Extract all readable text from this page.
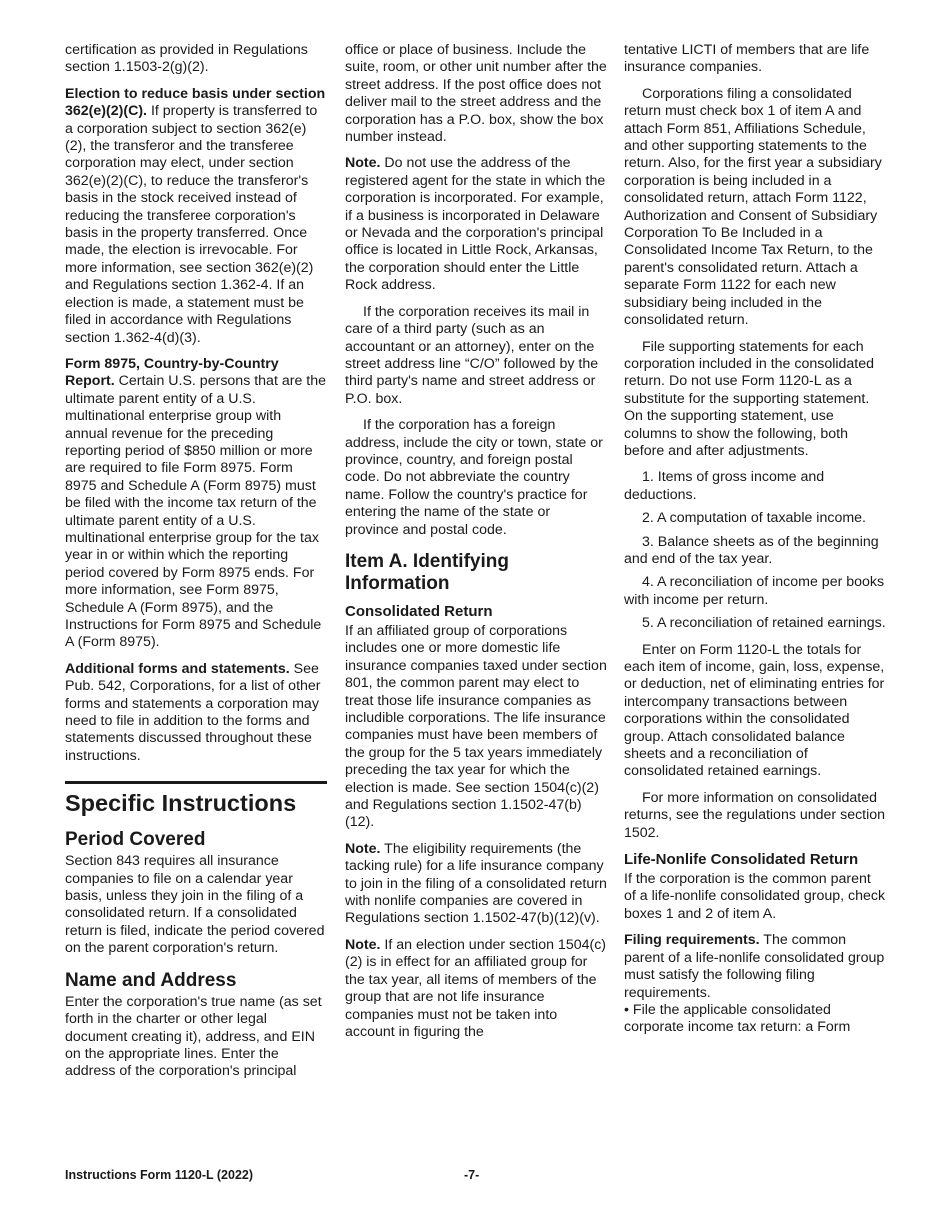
certification as provided in Regulations section 1.1503-2(g)(2).

Election to reduce basis under section 362(e)(2)(C). If property is transferred to a corporation subject to section 362(e)(2), the transferor and the transferee corporation may elect, under section 362(e)(2)(C), to reduce the transferor's basis in the stock received instead of reducing the transferee corporation's basis in the property transferred. Once made, the election is irrevocable. For more information, see section 362(e)(2) and Regulations section 1.362-4. If an election is made, a statement must be filed in accordance with Regulations section 1.362-4(d)(3).

Form 8975, Country-by-Country Report. Certain U.S. persons that are the ultimate parent entity of a U.S. multinational enterprise group with annual revenue for the preceding reporting period of $850 million or more are required to file Form 8975. Form 8975 and Schedule A (Form 8975) must be filed with the income tax return of the ultimate parent entity of a U.S. multinational enterprise group for the tax year in or within which the reporting period covered by Form 8975 ends. For more information, see Form 8975, Schedule A (Form 8975), and the Instructions for Form 8975 and Schedule A (Form 8975).

Additional forms and statements. See Pub. 542, Corporations, for a list of other forms and statements a corporation may need to file in addition to the forms and statements discussed throughout these instructions.

Specific Instructions
Period Covered

Section 843 requires all insurance companies to file on a calendar year basis, unless they join in the filing of a consolidated return. If a consolidated return is filed, indicate the period covered on the parent corporation's return.

Name and Address

Enter the corporation's true name (as set forth in the charter or other legal document creating it), address, and EIN on the appropriate lines. Enter the address of the corporation's principal

office or place of business. Include the suite, room, or other unit number after the street address. If the post office does not deliver mail to the street address and the corporation has a P.O. box, show the box number instead.

Note. Do not use the address of the registered agent for the state in which the corporation is incorporated. For example, if a business is incorporated in Delaware or Nevada and the corporation's principal office is located in Little Rock, Arkansas, the corporation should enter the Little Rock address.

If the corporation receives its mail in care of a third party (such as an accountant or an attorney), enter on the street address line “C/O” followed by the third party's name and street address or P.O. box.

If the corporation has a foreign address, include the city or town, state or province, country, and foreign postal code. Do not abbreviate the country name. Follow the country's practice for entering the name of the state or province and postal code.

Item A. Identifying Information
Consolidated Return

If an affiliated group of corporations includes one or more domestic life insurance companies taxed under section 801, the common parent may elect to treat those life insurance companies as includible corporations. The life insurance companies must have been members of the group for the 5 tax years immediately preceding the tax year for which the election is made. See section 1504(c)(2) and Regulations section 1.1502-47(b)(12).

Note. The eligibility requirements (the tacking rule) for a life insurance company to join in the filing of a consolidated return with nonlife companies are covered in Regulations section 1.1502-47(b)(12)(v).

Note. If an election under section 1504(c)(2) is in effect for an affiliated group for the tax year, all items of members of the group that are not life insurance companies must not be taken into account in figuring the

tentative LICTI of members that are life insurance companies.

Corporations filing a consolidated return must check box 1 of item A and attach Form 851, Affiliations Schedule, and other supporting statements to the return. Also, for the first year a subsidiary corporation is being included in a consolidated return, attach Form 1122, Authorization and Consent of Subsidiary Corporation To Be Included in a Consolidated Income Tax Return, to the parent's consolidated return. Attach a separate Form 1122 for each new subsidiary being included in the consolidated return.

File supporting statements for each corporation included in the consolidated return. Do not use Form 1120-L as a substitute for the supporting statement. On the supporting statement, use columns to show the following, both before and after adjustments.

1. Items of gross income and deductions.

2. A computation of taxable income.

3. Balance sheets as of the beginning and end of the tax year.

4. A reconciliation of income per books with income per return.

5. A reconciliation of retained earnings.

Enter on Form 1120-L the totals for each item of income, gain, loss, expense, or deduction, net of eliminating entries for intercompany transactions between corporations within the consolidated group. Attach consolidated balance sheets and a reconciliation of consolidated retained earnings.

For more information on consolidated returns, see the regulations under section 1502.

Life-Nonlife Consolidated Return

If the corporation is the common parent of a life-nonlife consolidated group, check boxes 1 and 2 of item A.

Filing requirements. The common parent of a life-nonlife consolidated group must satisfy the following filing requirements.

• File the applicable consolidated corporate income tax return: a Form

Instructions Form 1120-L (2022)	-7-
